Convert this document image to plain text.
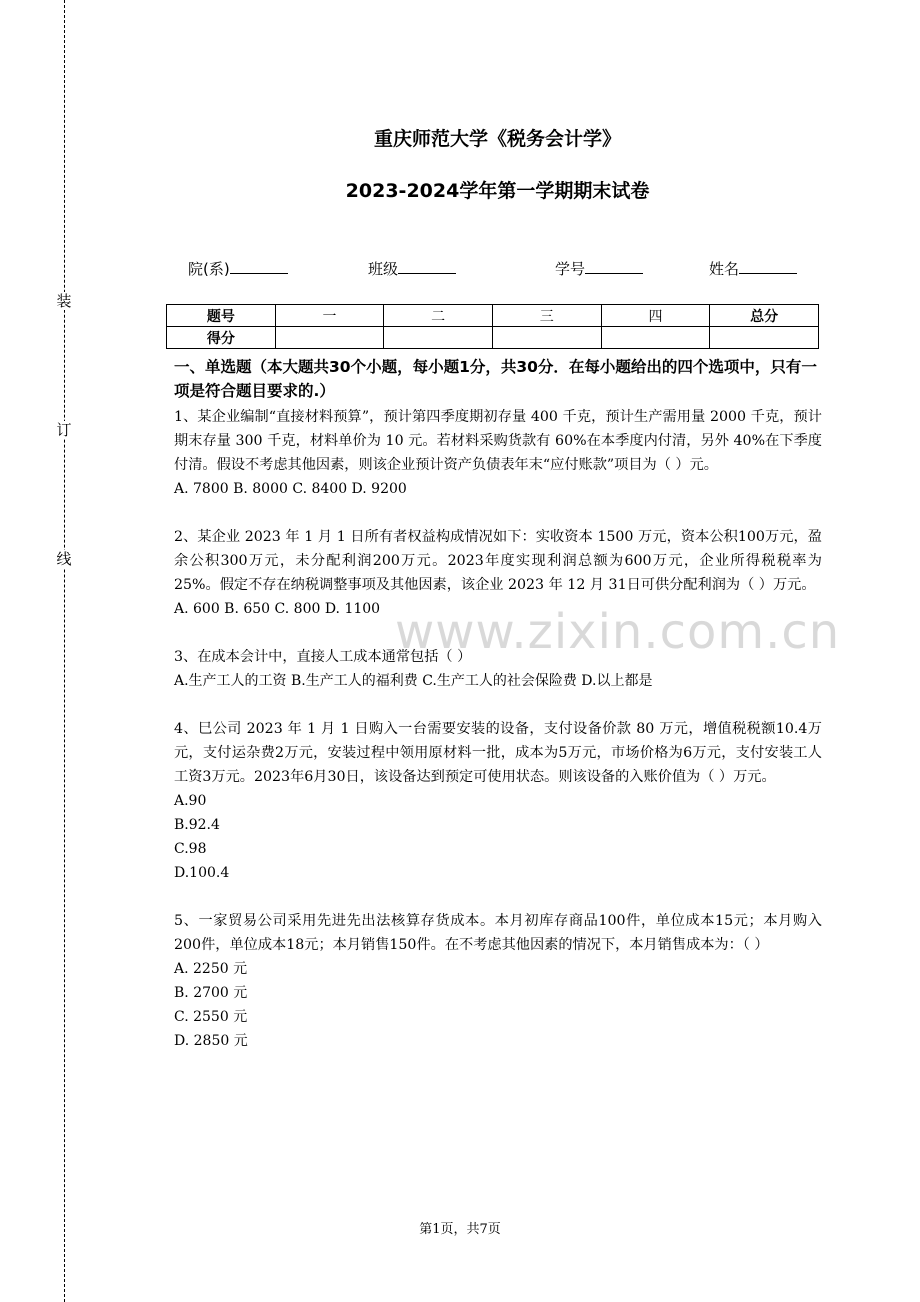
装
订
线
重庆师范大学《税务会计学》
2023-2024学年第一学期期末试卷
院(系)	班级	学号	姓名
题号	一	二	三	四	总分
得分					

一、单选题（本大题共30个小题，每小题1分，共30分．在每小题给出的四个选项中，只有一项是符合题目要求的.）

1、某企业编制“直接材料预算”，预计第四季度期初存量 400 千克，预计生产需用量 2000 千克，预计期末存量 300 千克，材料单价为 10 元。若材料采购货款有 60%在本季度内付清，另外 40%在下季度付清。假设不考虑其他因素，则该企业预计资产负债表年末“应付账款”项目为（ ）元。

A. 7800 B. 8000 C. 8400 D. 9200

2、某企业 2023 年 1 月 1 日所有者权益构成情况如下：实收资本 1500 万元，资本公积100万元，盈余公积300万元，未分配利润200万元。2023年度实现利润总额为600万元，企业所得税税率为 25%。假定不存在纳税调整事项及其他因素，该企业 2023 年 12 月 31日可供分配利润为（ ）万元。

A. 600 B. 650 C. 800 D. 1100

3、在成本会计中，直接人工成本通常包括（ ）

A.生产工人的工资 B.生产工人的福利费 C.生产工人的社会保险费 D.以上都是

4、巳公司 2023 年 1 月 1 日购入一台需要安装的设备，支付设备价款 80 万元，增值税税额10.4万元，支付运杂费2万元，安装过程中领用原材料一批，成本为5万元，市场价格为6万元，支付安装工人工资3万元。2023年6月30日，该设备达到预定可使用状态。则该设备的入账价值为（ ）万元。

A.90

B.92.4

C.98

D.100.4

5、一家贸易公司采用先进先出法核算存货成本。本月初库存商品100件，单位成本15元；本月购入200件，单位成本18元；本月销售150件。在不考虑其他因素的情况下，本月销售成本为：（ ）

A. 2250 元

B. 2700 元

C. 2550 元

D. 2850 元

www.zixin.com.cn
第1页，共7页
